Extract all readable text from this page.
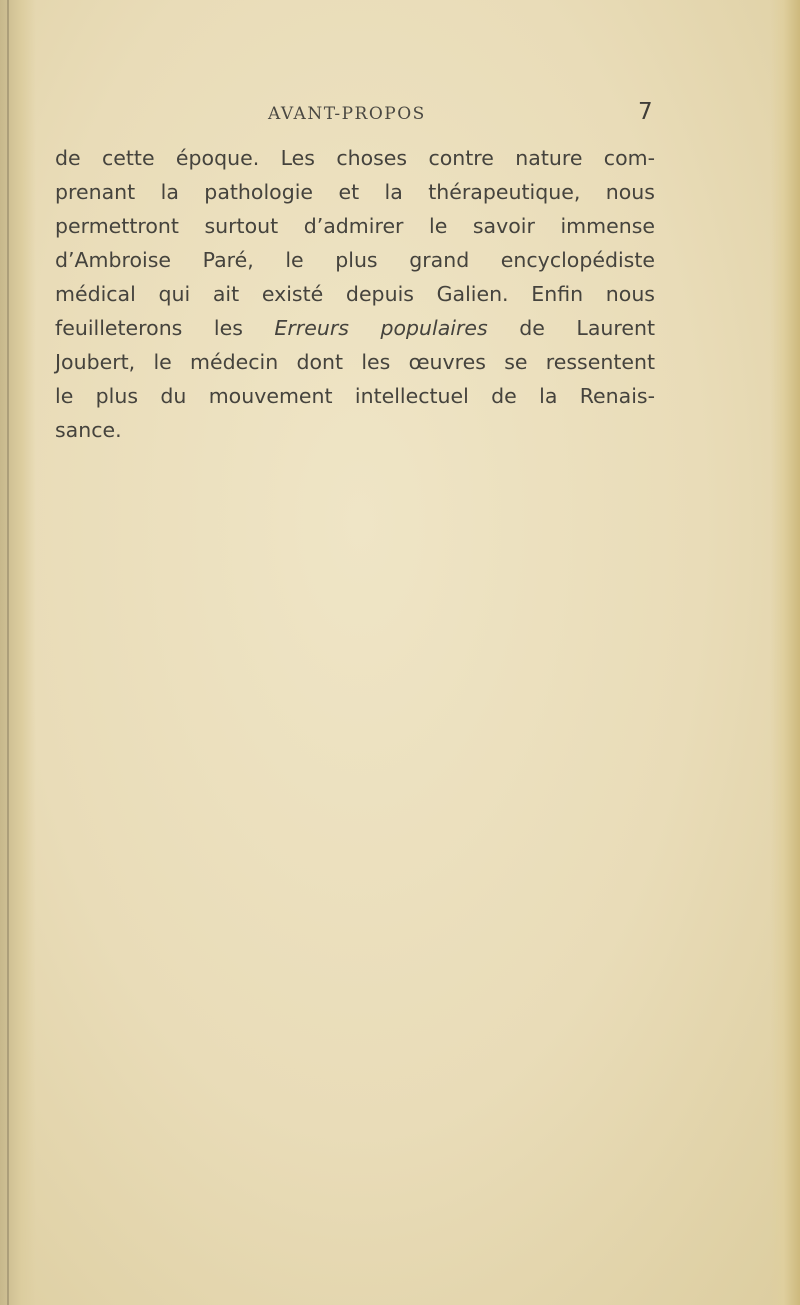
AVANT-PROPOS	7

de cette époque. Les choses contre nature com-
prenant la pathologie et la thérapeutique, nous
permettront surtout d’admirer le savoir immense
d’Ambroise Paré, le plus grand encyclopédiste
médical qui ait existé depuis Galien. Enfin nous
feuilleterons les Erreurs populaires de Laurent
Joubert, le médecin dont les œuvres se ressentent
le plus du mouvement intellectuel de la Renais-
sance.
